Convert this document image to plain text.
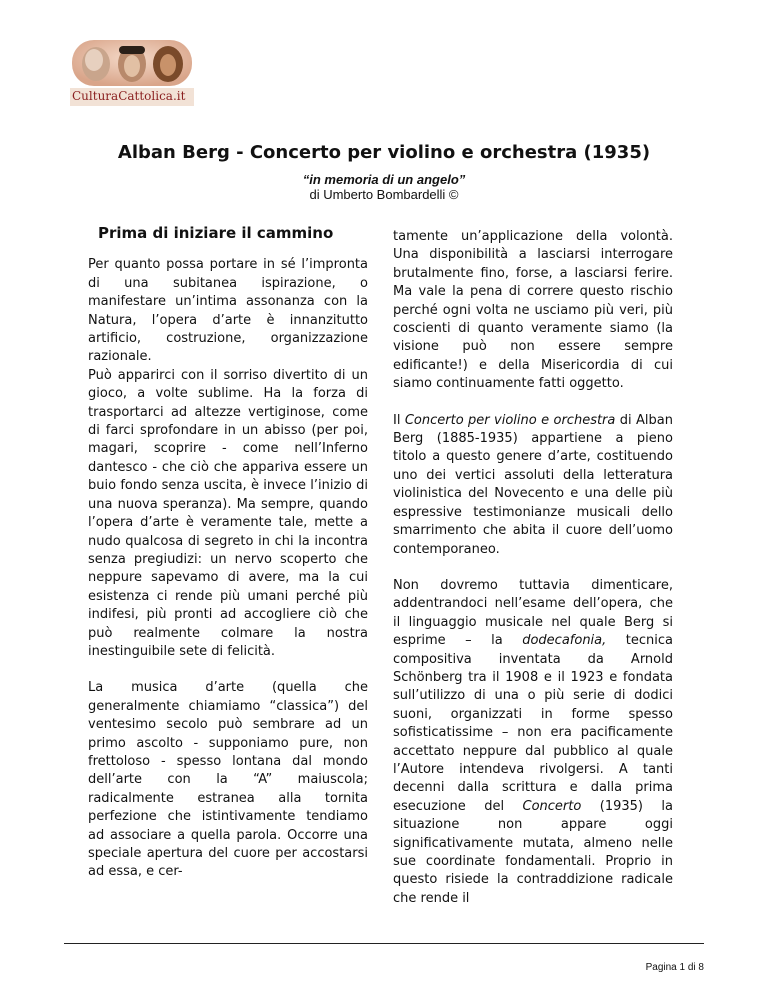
CulturaCattolica.it
Alban Berg - Concerto per violino e orchestra (1935)
“in memoria di un angelo”
di Umberto Bombardelli ©
Prima di iniziare il cammino

Per quanto possa portare in sé l’impronta di una subitanea ispirazione, o manifestare un’intima assonanza con la Natura, l’opera d’arte è innanzitutto artificio, costruzione, organizzazione razionale.

Può apparirci con il sorriso divertito di un gioco, a volte sublime. Ha la forza di trasportarci ad altezze vertiginose, come di farci sprofondare in un abisso (per poi, magari, scoprire - come nell’Inferno dantesco - che ciò che appariva essere un buio fondo senza uscita, è invece l’inizio di una nuova speranza). Ma sempre, quando l’opera d’arte è veramente tale, mette a nudo qualcosa di segreto in chi la incontra senza pregiudizi: un nervo scoperto che neppure sapevamo di avere, ma la cui esistenza ci rende più umani perché più indifesi, più pronti ad accogliere ciò che può realmente colmare la nostra inestinguibile sete di felicità.

La musica d’arte (quella che generalmente chiamiamo “classica”) del ventesimo secolo può sembrare ad un primo ascolto - supponiamo pure, non frettoloso - spesso lontana dal mondo dell’arte con la “A” maiuscola; radicalmente estranea alla tornita perfezione che istintivamente tendiamo ad associare a quella parola. Occorre una speciale apertura del cuore per accostarsi ad essa, e cer-

tamente un’applicazione della volontà. Una disponibilità a lasciarsi interrogare brutalmente fino, forse, a lasciarsi ferire. Ma vale la pena di correre questo rischio perché ogni volta ne usciamo più veri, più coscienti di quanto veramente siamo (la visione può non essere sempre edificante!) e della Misericordia di cui siamo continuamente fatti oggetto.

Il Concerto per violino e orchestra di Alban Berg (1885-1935) appartiene a pieno titolo a questo genere d’arte, costituendo uno dei vertici assoluti della letteratura violinistica del Novecento e una delle più espressive testimonianze musicali dello smarrimento che abita il cuore dell’uomo contemporaneo.

Non dovremo tuttavia dimenticare, addentrandoci nell’esame dell’opera, che il linguaggio musicale nel quale Berg si esprime – la dodecafonia, tecnica compositiva inventata da Arnold Schönberg tra il 1908 e il 1923 e fondata sull’utilizzo di una o più serie di dodici suoni, organizzati in forme spesso sofisticatissime – non era pacificamente accettato neppure dal pubblico al quale l’Autore intendeva rivolgersi. A tanti decenni dalla scrittura e dalla prima esecuzione del Concerto (1935) la situazione non appare oggi significativamente mutata, almeno nelle sue coordinate fondamentali. Proprio in questo risiede la contraddizione radicale che rende il

Pagina 1 di 8
